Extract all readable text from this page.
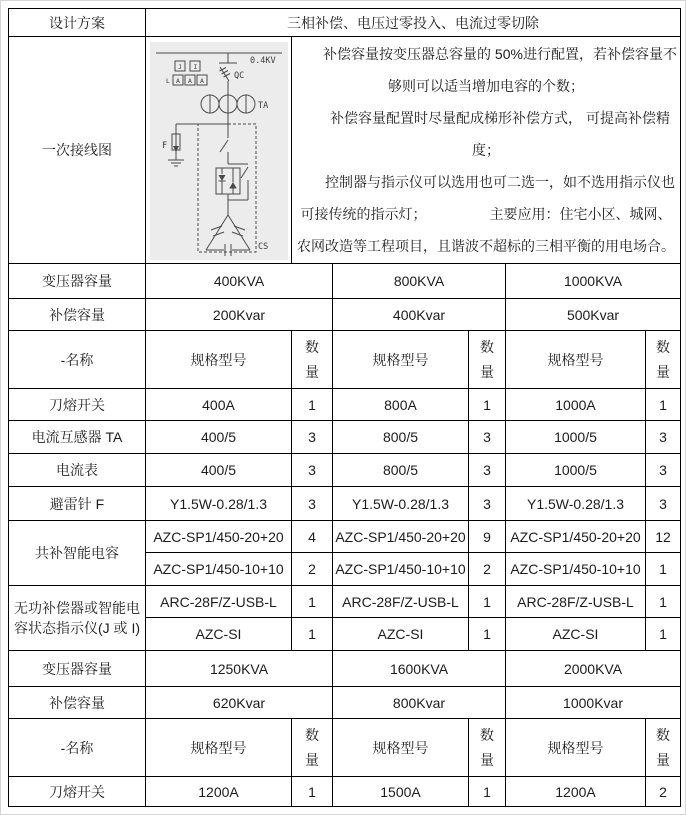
设计方案	三相补偿、电压过零投入、电流过零切除					
一次接线图	
0.4KV
J I
L A A A	QC
TA
F
CS

补偿容量按变压器总容量的 50%进行配置，若补偿容量不够则可以适当增加电容的个数；

补偿容量配置时尽量配成梯形补偿方式， 可提高补偿精度；

控制器与指示仪可以选用也可二选一，如不选用指示仪也可接传统的指示灯；　　　　　主要应用：住宅小区、城网、农网改造等工程项目，且谐波不超标的三相平衡的用电场合。

变压器容量	400KVA		800KVA		1000KVA	
补偿容量	200Kvar		400Kvar		500Kvar	
-名称	规格型号	数量	规格型号	数量	规格型号	数量
刀熔开关	400A	1	800A	1	1000A	1
电流互感器 TA	400/5	3	800/5	3	1000/5	3
电流表	400/5	3	800/5	3	1000/5	3
避雷针 F	Y1.5W-0.28/1.3	3	Y1.5W-0.28/1.3	3	Y1.5W-0.28/1.3	3
共补智能电容	AZC-SP1/450-20+20	4	AZC-SP1/450-20+20	9	AZC-SP1/450-20+20	12
	AZC-SP1/450-10+10	2	AZC-SP1/450-10+10	2	AZC-SP1/450-10+10	1
无功补偿器或智能电容状态指示仪(J 或 I)	ARC-28F/Z-USB-L	1	ARC-28F/Z-USB-L	1	ARC-28F/Z-USB-L	1
	AZC-SI	1	AZC-SI	1	AZC-SI	1
变压器容量	1250KVA		1600KVA		2000KVA	
补偿容量	620Kvar		800Kvar		1000Kvar	
-名称	规格型号	数量	规格型号	数量	规格型号	数量
刀熔开关	1200A	1	1500A	1	1200A	2
